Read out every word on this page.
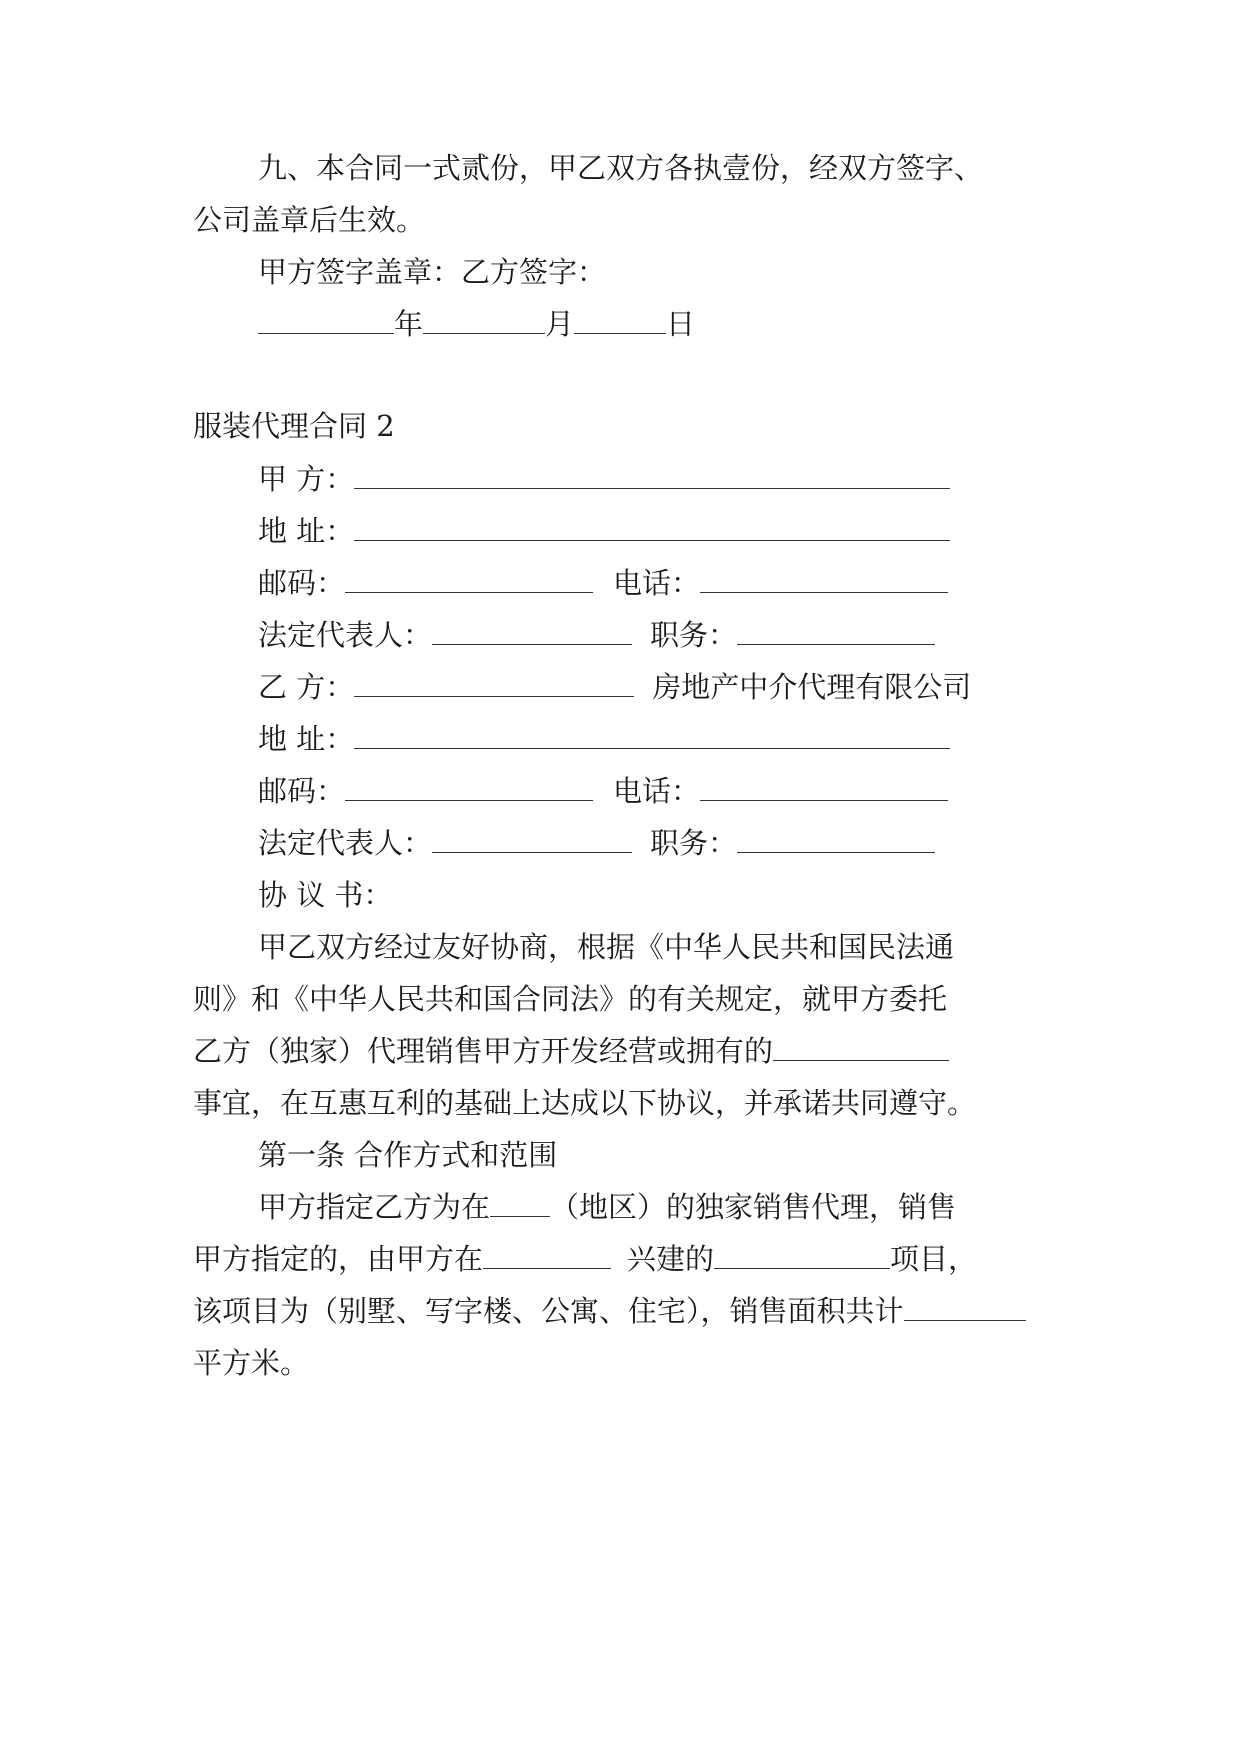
九、本合同一式贰份，甲乙双方各执壹份，经双方签字、
公司盖章后生效。
甲方签字盖章：乙方签字：
年	月	日
服装代理合同 2
甲 方：
地 址：
邮码：	电话：
法定代表人：	职务：
乙 方：	房地产中介代理有限公司
地 址：
邮码：	电话：
法定代表人：	职务：
协 议 书：
甲乙双方经过友好协商，根据《中华人民共和国民法通
则》和《中华人民共和国合同法》的有关规定，就甲方委托
乙方（独家）代理销售甲方开发经营或拥有的
事宜，在互惠互利的基础上达成以下协议，并承诺共同遵守。
第一条 合作方式和范围
甲方指定乙方为在 （地区）的独家销售代理，销售
甲方指定的，由甲方在	兴建的	项目，
该项目为（别墅、写字楼、公寓、住宅），销售面积共计
平方米。
